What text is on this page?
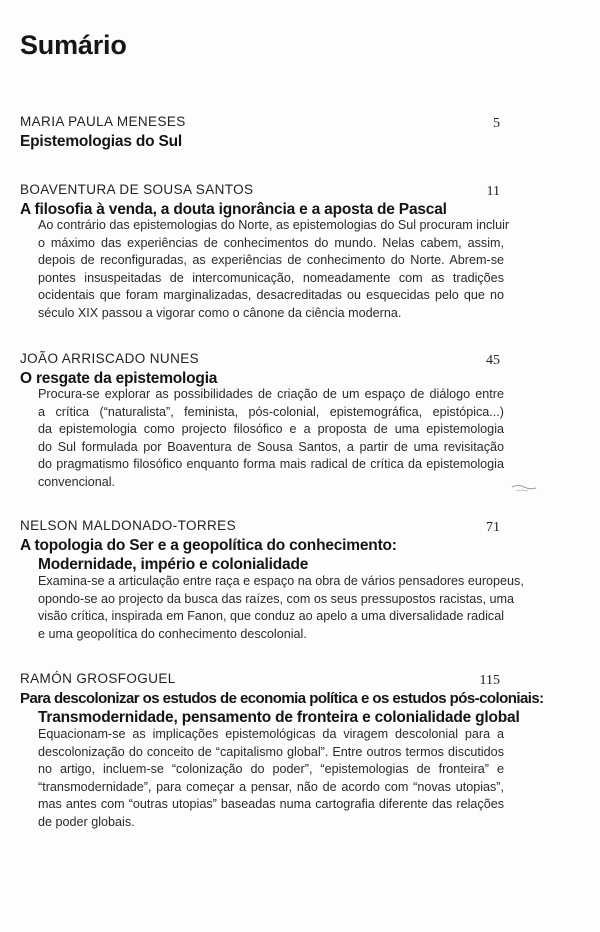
Sumário
MARIA PAULA MENESES	5
Epistemologias do Sul
BOAVENTURA DE SOUSA SANTOS	11
A filosofia à venda, a douta ignorância e a aposta de Pascal
Ao contrário das epistemologias do Norte, as epistemologias do Sul procuram incluir
o máximo das experiências de conhecimentos do mundo. Nelas cabem, assim,
depois de reconfiguradas, as experiências de conhecimento do Norte. Abrem-se
pontes insuspeitadas de intercomunicação, nomeadamente com as tradições
ocidentais que foram marginalizadas, desacreditadas ou esquecidas pelo que no
século XIX passou a vigorar como o cânone da ciência moderna.
JOÃO ARRISCADO NUNES	45
O resgate da epistemologia
Procura-se explorar as possibilidades de criação de um espaço de diálogo entre
a crítica (“naturalista”, feminista, pós-colonial, epistemográfica, epistópica...)
da epistemologia como projecto filosófico e a proposta de uma epistemologia
do Sul formulada por Boaventura de Sousa Santos, a partir de uma revisitação
do pragmatismo filosófico enquanto forma mais radical de crítica da epistemologia
convencional.
NELSON MALDONADO-TORRES	71
A topologia do Ser e a geopolítica do conhecimento:
Modernidade, império e colonialidade
Examina-se a articulação entre raça e espaço na obra de vários pensadores europeus,
opondo-se ao projecto da busca das raízes, com os seus pressupostos racistas, uma
visão crítica, inspirada em Fanon, que conduz ao apelo a uma diversalidade radical
e uma geopolítica do conhecimento descolonial.
RAMÓN GROSFOGUEL	115
Para descolonizar os estudos de economia política e os estudos pós-coloniais:
Transmodernidade, pensamento de fronteira e colonialidade global
Equacionam-se as implicações epistemológicas da viragem descolonial para a
descolonização do conceito de “capitalismo global”. Entre outros termos discutidos
no artigo, incluem-se “colonização do poder”, “epistemologias de fronteira” e
“transmodernidade”, para começar a pensar, não de acordo com “novas utopias”,
mas antes com “outras utopias” baseadas numa cartografia diferente das relações
de poder globais.
